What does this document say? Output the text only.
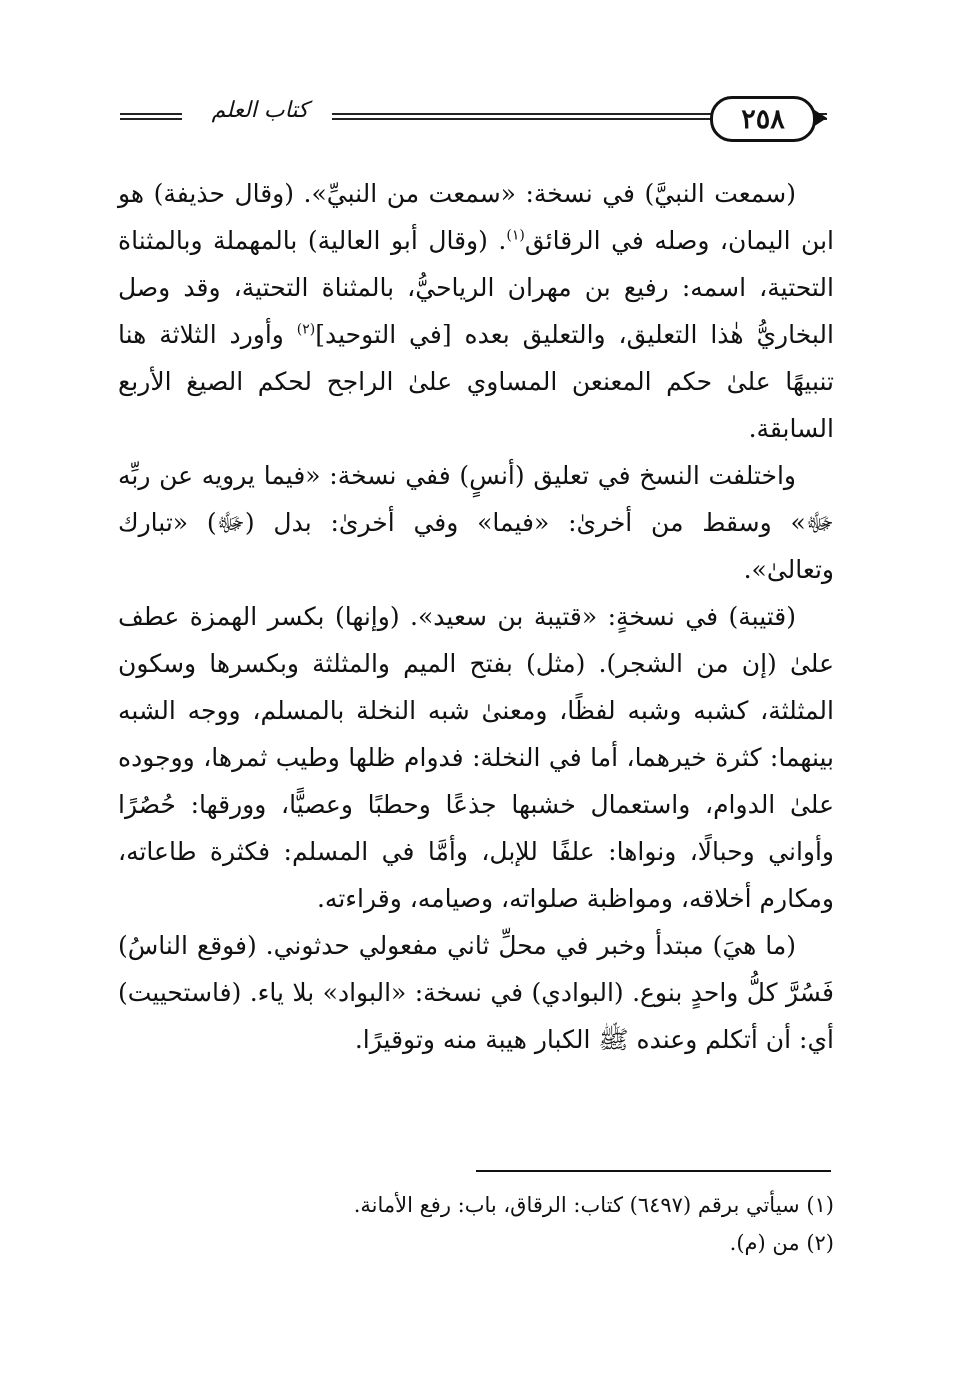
كتاب العلم	٢٥٨

(سمعت النبيَّ) في نسخة: «سمعت من النبيِّ». (وقال حذيفة) هو ابن اليمان، وصله في الرقائق$^{(١)}$. (وقال أبو العالية) بالمهملة وبالمثناة التحتية، اسمه: رفيع بن مهران الرياحيُّ، بالمثناة التحتية، وقد وصل البخاريُّ هٰذا التعليق، والتعليق بعده [في التوحيد]$^{(٢)}$ وأورد الثلاثة هنا تنبيهًا علىٰ حكم المعنعن المساوي علىٰ الراجح لحكم الصيغ الأربع السابقة.

واختلفت النسخ في تعليق (أنسٍ) ففي نسخة: «فيما يرويه عن ربِّه ﷻ» وسقط من أخرىٰ: «فيما» وفي أخرىٰ: بدل (ﷻ) «تبارك وتعالىٰ».

(قتيبة) في نسخةٍ: «قتيبة بن سعيد». (وإنها) بكسر الهمزة عطف علىٰ (إن من الشجر). (مثل) بفتح الميم والمثلثة وبكسرها وسكون المثلثة، كشبه وشبه لفظًا، ومعنىٰ شبه النخلة بالمسلم، ووجه الشبه بينهما: كثرة خيرهما، أما في النخلة: فدوام ظلها وطيب ثمرها، ووجوده علىٰ الدوام، واستعمال خشبها جذعًا وحطبًا وعصيًّا، وورقها: حُصُرًا وأواني وحبالًا، ونواها: علفًا للإبل، وأمَّا في المسلم: فكثرة طاعاته، ومكارم أخلاقه، ومواظبة صلواته، وصيامه، وقراءته.

(ما هيَ) مبتدأ وخبر في محلِّ ثاني مفعولي حدثوني. (فوقع الناسُ) فَسُرَّ كلُّ واحدٍ بنوع. (البوادي) في نسخة: «البواد» بلا ياء. (فاستحييت) أي: أن أتكلم وعنده ﷺ الكبار هيبة منه وتوقيرًا.

(١) سيأتي برقم (٦٤٩٧) كتاب: الرقاق، باب: رفع الأمانة.
(٢) من (م).
